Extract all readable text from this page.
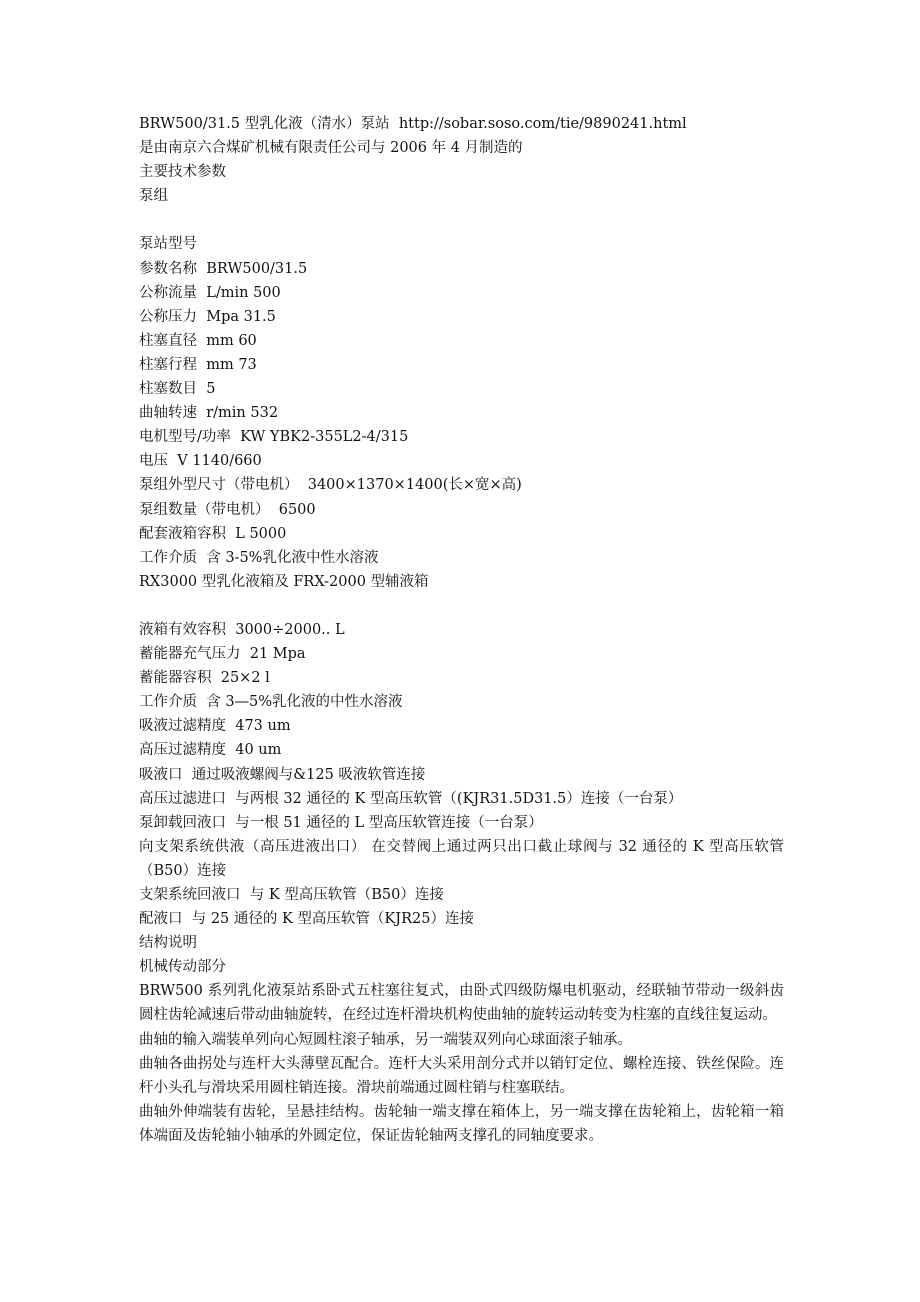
BRW500/31.5 型乳化液（清水）泵站  http://sobar.soso.com/tie/9890241.html
是由南京六合煤矿机械有限责任公司与 2006 年 4 月制造的
主要技术参数
泵组
泵站型号
参数名称  BRW500/31.5
公称流量  L/min 500
公称压力  Mpa 31.5
柱塞直径  mm 60
柱塞行程  mm 73
柱塞数目  5
曲轴转速  r/min 532
电机型号/功率  KW YBK2-355L2-4/315
电压  V 1140/660
泵组外型尺寸（带电机）  3400×1370×1400(长×宽×高)
泵组数量（带电机）  6500
配套液箱容积  L 5000
工作介质  含 3-5%乳化液中性水溶液
RX3000 型乳化液箱及 FRX-2000 型辅液箱
液箱有效容积  3000÷2000.. L
蓄能器充气压力  21 Mpa
蓄能器容积  25×2 l
工作介质  含 3—5%乳化液的中性水溶液
吸液过滤精度  473 um
高压过滤精度  40 um
吸液口  通过吸液螺阀与&125 吸液软管连接
高压过滤进口  与两根 32 通径的 K 型高压软管（(KJR31.5D31.5）连接（一台泵）
泵卸载回液口  与一根 51 通径的 L 型高压软管连接（一台泵）
向支架系统供液（高压进液出口） 在交替阀上通过两只出口截止球阀与 32 通径的 K 型高压软管（B50）连接
支架系统回液口  与 K 型高压软管（B50）连接
配液口  与 25 通径的 K 型高压软管（KJR25）连接
结构说明
机械传动部分
BRW500 系列乳化液泵站系卧式五柱塞往复式，由卧式四级防爆电机驱动，经联轴节带动一级斜齿圆柱齿轮减速后带动曲轴旋转，在经过连杆滑块机构使曲轴的旋转运动转变为柱塞的直线往复运动。
曲轴的输入端装单列向心短圆柱滚子轴承，另一端装双列向心球面滚子轴承。
曲轴各曲拐处与连杆大头薄壁瓦配合。连杆大头采用剖分式并以销钉定位、螺栓连接、铁丝保险。连杆小头孔与滑块采用圆柱销连接。滑块前端通过圆柱销与柱塞联结。
曲轴外伸端装有齿轮，呈悬挂结构。齿轮轴一端支撑在箱体上，另一端支撑在齿轮箱上，齿轮箱一箱体端面及齿轮轴小轴承的外圆定位，保证齿轮轴两支撑孔的同轴度要求。
